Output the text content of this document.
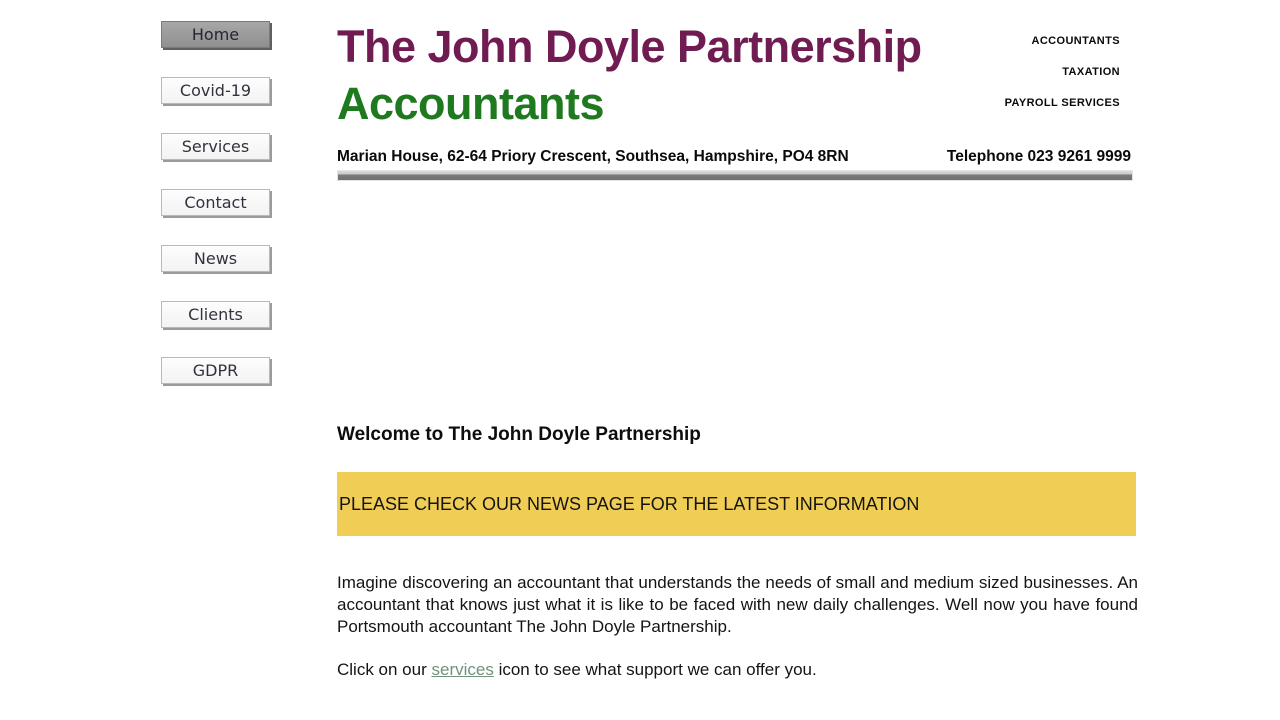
Home
Covid-19
Services
Contact
News
Clients
GDPR
The John Doyle Partnership Accountants
ACCOUNTANTS
TAXATION
PAYROLL SERVICES
Marian House, 62-64 Priory Crescent, Southsea, Hampshire, PO4 8RN	Telephone 023 9261 9999
Welcome to The John Doyle Partnership
PLEASE CHECK OUR NEWS PAGE FOR THE LATEST INFORMATION

Imagine discovering an accountant that understands the needs of small and medium sized businesses. An accountant that knows just what it is like to be faced with new daily challenges. Well now you have found Portsmouth accountant The John Doyle Partnership.

Click on our services icon to see what support we can offer you.
